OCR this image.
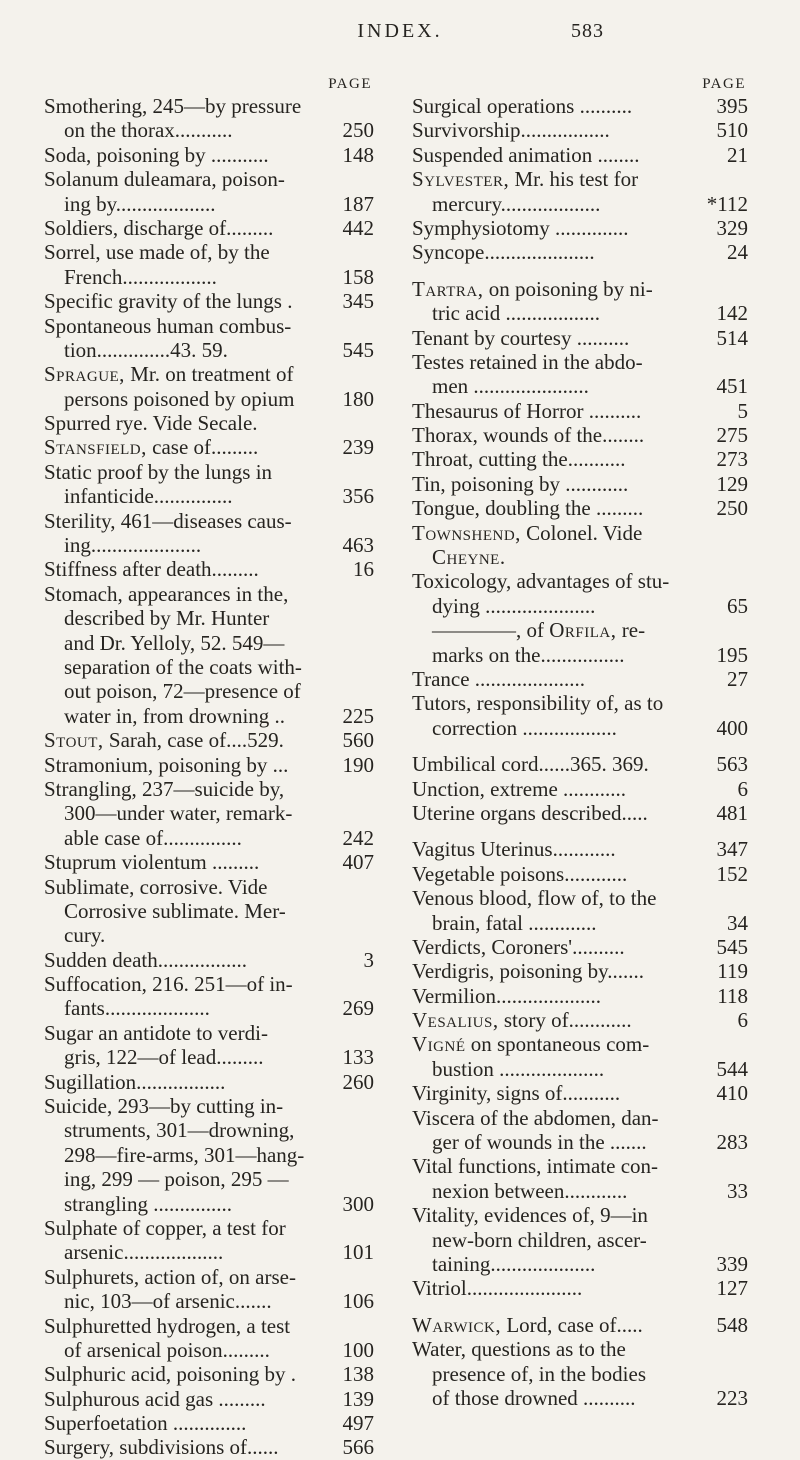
INDEX.	583
PAGE
Smothering, 245—by pressure
on the thorax...........	250
Soda, poisoning by ...........	148
Solanum duleamara, poison-
ing by...................	187
Soldiers, discharge of.........	442
Sorrel, use made of, by the
French..................	158
Specific gravity of the lungs . 345
Spontaneous human combus-
tion..............43. 59.	545
Sprague, Mr. on treatment of
persons poisoned by opium 180
Spurred rye. Vide Secale.
Stansfield, case of.........	239
Static proof by the lungs in
infanticide...............	356
Sterility, 461—diseases caus-
ing.....................	463
Stiffness after death.........	16
Stomach, appearances in the,
described by Mr. Hunter
and Dr. Yelloly, 52. 549—
separation of the coats with-
out poison, 72—presence of
water in, from drowning ..	225
Stout, Sarah, case of....529.	560
Stramonium, poisoning by ...	190
Strangling, 237—suicide by,
300—under water, remark-
able case of...............	242
Stuprum violentum .........	407
Sublimate, corrosive. Vide
Corrosive sublimate. Mer-
cury.
Sudden death.................	3
Suffocation, 216. 251—of in-
fants....................	269
Sugar an antidote to verdi-
gris, 122—of lead.........	133
Sugillation.................	260
Suicide, 293—by cutting in-
struments, 301—drowning,
298—fire-arms, 301—hang-
ing, 299 — poison, 295 —
strangling ...............	300
Sulphate of copper, a test for
arsenic...................	101
Sulphurets, action of, on arse-
nic, 103—of arsenic.......	106
Sulphuretted hydrogen, a test
of arsenical poison.........	100
Sulphuric acid, poisoning by . 138
Sulphurous acid gas .........	139
Superfoetation ..............	497
Surgery, subdivisions of......	566
PAGE
Surgical operations ..........	395
Survivorship.................	510
Suspended animation ........	21
Sylvester, Mr. his test for
mercury...................	*112
Symphysiotomy ..............	329
Syncope.....................	24
Tartra, on poisoning by ni-
tric acid ..................	142
Tenant by courtesy ..........	514
Testes retained in the abdo-
men ......................	451
Thesaurus of Horror ..........	5
Thorax, wounds of the........	275
Throat, cutting the...........	273
Tin, poisoning by ............	129
Tongue, doubling the .........	250
Townshend, Colonel. Vide
Cheyne.
Toxicology, advantages of stu-
dying .....................	65
————, of Orfila, re-
marks on the................	195
Trance .....................	27
Tutors, responsibility of, as to
correction ..................	400
Umbilical cord......365. 369.	563
Unction, extreme ............	6
Uterine organs described.....	481
Vagitus Uterinus............	347
Vegetable poisons............	152
Venous blood, flow of, to the
brain, fatal .............	34
Verdicts, Coroners'..........	545
Verdigris, poisoning by.......	119
Vermilion....................	118
Vesalius, story of............	6
Vigné on spontaneous com-
bustion ....................	544
Virginity, signs of...........	410
Viscera of the abdomen, dan-
ger of wounds in the .......	283
Vital functions, intimate con-
nexion between............	33
Vitality, evidences of, 9—in
new-born children, ascer-
taining....................	339
Vitriol......................	127
Warwick, Lord, case of.....	548
Water, questions as to the
presence of, in the bodies
of those drowned ..........	223
